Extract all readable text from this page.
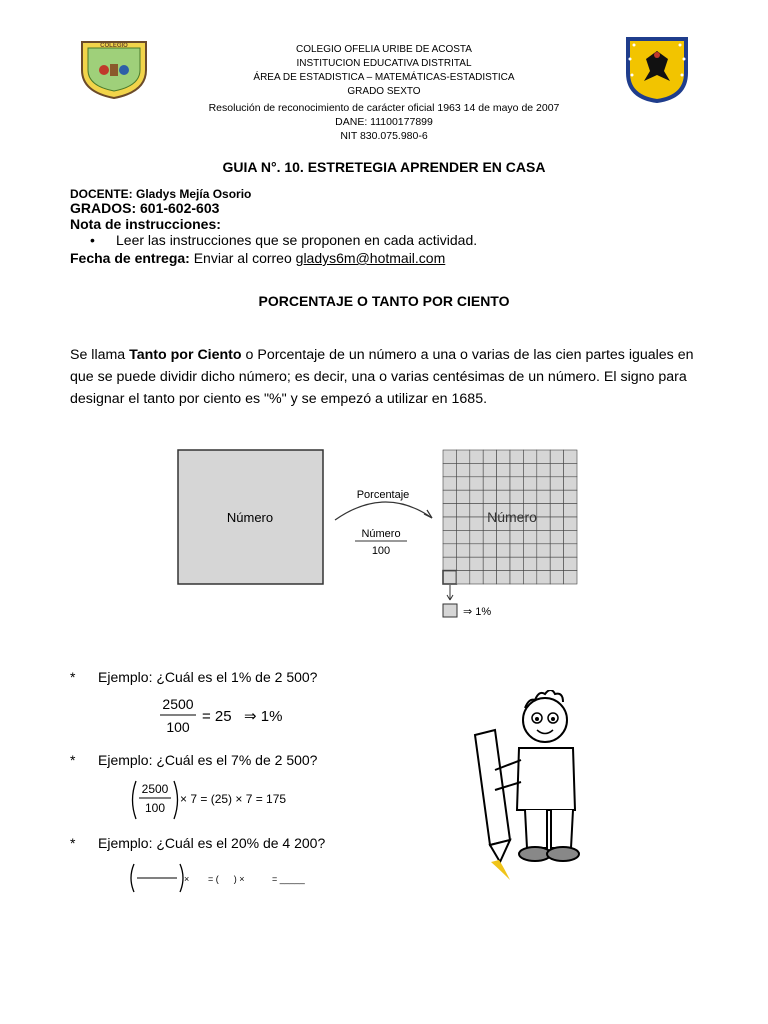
COLEGIO	COLEGIO OFELIA URIBE DE ACOSTA
INSTITUCION EDUCATIVA DISTRITAL
ÁREA DE ESTADISTICA – MATEMÁTICAS-ESTADISTICA
GRADO SEXTO
Resolución de reconocimiento de carácter oficial 1963 14 de mayo de 2007
DANE: 11100177899
NIT 830.075.980-6
GUIA N°. 10. ESTRETEGIA APRENDER EN CASA
DOCENTE: Gladys Mejía Osorio
GRADOS: 601-602-603
Nota de instrucciones:
• Leer las instrucciones que se proponen en cada actividad.
Fecha de entrega: Enviar al correo gladys6m@hotmail.com
PORCENTAJE O TANTO POR CIENTO
Se llama Tanto por Ciento o Porcentaje de un número a una o varias de las cien partes iguales en que se puede dividir dicho número; es decir, una o varias centésimas de un número. El signo para designar el tanto por ciento es "%" y se empezó a utilizar en 1685.
Número
Porcentaje
Número
100
Número
⇒ 1%
* Ejemplo: ¿Cuál es el 1% de 2 500?
2500
100
= 25 ⇒ 1%
* Ejemplo: ¿Cuál es el 7% de 2 500?
2500
100
× 7 = (25) × 7 = 175
* Ejemplo: ¿Cuál es el 20% de 4 200?
× = (      ) ×	= _____
